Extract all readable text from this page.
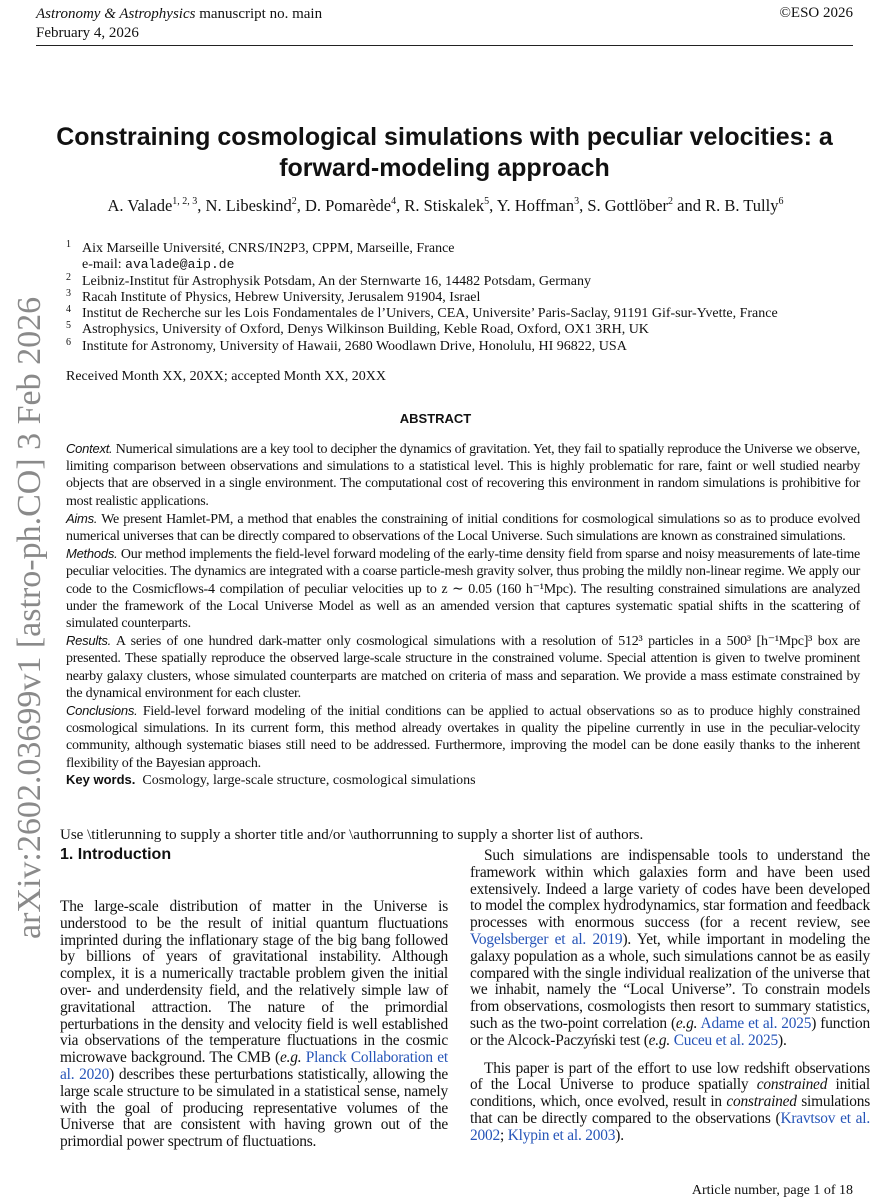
Astronomy & Astrophysics manuscript no. main
February 4, 2026
©ESO 2026
arXiv:2602.03699v1 [astro-ph.CO] 3 Feb 2026
Constraining cosmological simulations with peculiar velocities: a forward-modeling approach
A. Valade$^{1, 2, 3}$, N. Libeskind$^2$, D. Pomarède$^4$, R. Stiskalek$^5$, Y. Hoffman$^3$, S. Gottlöber$^2$ and R. B. Tully$^6$
1 Aix Marseille Université, CNRS/IN2P3, CPPM, Marseille, France
e-mail: avalade@aip.de
2 Leibniz-Institut für Astrophysik Potsdam, An der Sternwarte 16, 14482 Potsdam, Germany
3 Racah Institute of Physics, Hebrew University, Jerusalem 91904, Israel
4 Institut de Recherche sur les Lois Fondamentales de l’Univers, CEA, Universite’ Paris-Saclay, 91191 Gif-sur-Yvette, France
5 Astrophysics, University of Oxford, Denys Wilkinson Building, Keble Road, Oxford, OX1 3RH, UK
6 Institute for Astronomy, University of Hawaii, 2680 Woodlawn Drive, Honolulu, HI 96822, USA
Received Month XX, 20XX; accepted Month XX, 20XX
ABSTRACT
Context. Numerical simulations are a key tool to decipher the dynamics of gravitation. Yet, they fail to spatially reproduce the Universe we observe, limiting comparison between observations and simulations to a statistical level. This is highly problematic for rare, faint or well studied nearby objects that are observed in a single environment. The computational cost of recovering this environment in random simulations is prohibitive for most realistic applications.
Aims. We present Hamlet-PM, a method that enables the constraining of initial conditions for cosmological simulations so as to produce evolved numerical universes that can be directly compared to observations of the Local Universe. Such simulations are known as constrained simulations.
Methods. Our method implements the field-level forward modeling of the early-time density field from sparse and noisy measurements of late-time peculiar velocities. The dynamics are integrated with a coarse particle-mesh gravity solver, thus probing the mildly non-linear regime. We apply our code to the Cosmicflows-4 compilation of peculiar velocities up to z ∼ 0.05 (160 h⁻¹Mpc). The resulting constrained simulations are analyzed under the framework of the Local Universe Model as well as an amended version that captures systematic spatial shifts in the scattering of simulated counterparts.
Results. A series of one hundred dark-matter only cosmological simulations with a resolution of 512³ particles in a 500³ [h⁻¹Mpc]³ box are presented. These spatially reproduce the observed large-scale structure in the constrained volume. Special attention is given to twelve prominent nearby galaxy clusters, whose simulated counterparts are matched on criteria of mass and separation. We provide a mass estimate constrained by the dynamical environment for each cluster.
Conclusions. Field-level forward modeling of the initial conditions can be applied to actual observations so as to produce highly constrained cosmological simulations. In its current form, this method already overtakes in quality the pipeline currently in use in the peculiar-velocity community, although systematic biases still need to be addressed. Furthermore, improving the model can be done easily thanks to the inherent flexibility of the Bayesian approach.
Key words. Cosmology, large-scale structure, cosmological simulations
Use \titlerunning to supply a shorter title and/or \authorrunning to supply a shorter list of authors.
1. Introduction

The large-scale distribution of matter in the Universe is understood to be the result of initial quantum fluctuations imprinted during the inflationary stage of the big bang followed by billions of years of gravitational instability. Although complex, it is a numerically tractable problem given the initial over- and underdensity field, and the relatively simple law of gravitational attraction. The nature of the primordial perturbations in the density and velocity field is well established via observations of the temperature fluctuations in the cosmic microwave background. The CMB (e.g. Planck Collaboration et al. 2020) describes these perturbations statistically, allowing the large scale structure to be simulated in a statistical sense, namely with the goal of producing representative volumes of the Universe that are consistent with having grown out of the primordial power spectrum of fluctuations.

Such simulations are indispensable tools to understand the framework within which galaxies form and have been used extensively. Indeed a large variety of codes have been developed to model the complex hydrodynamics, star formation and feedback processes with enormous success (for a recent review, see Vogelsberger et al. 2019). Yet, while important in modeling the galaxy population as a whole, such simulations cannot be as easily compared with the single individual realization of the universe that we inhabit, namely the “Local Universe”. To constrain models from observations, cosmologists then resort to summary statistics, such as the two-point correlation (e.g. Adame et al. 2025) function or the Alcock-Paczyński test (e.g. Cuceu et al. 2025).

This paper is part of the effort to use low redshift observations of the Local Universe to produce spatially constrained initial conditions, which, once evolved, result in constrained simulations that can be directly compared to the observations (Kravtsov et al. 2002; Klypin et al. 2003).

Article number, page 1 of 18
